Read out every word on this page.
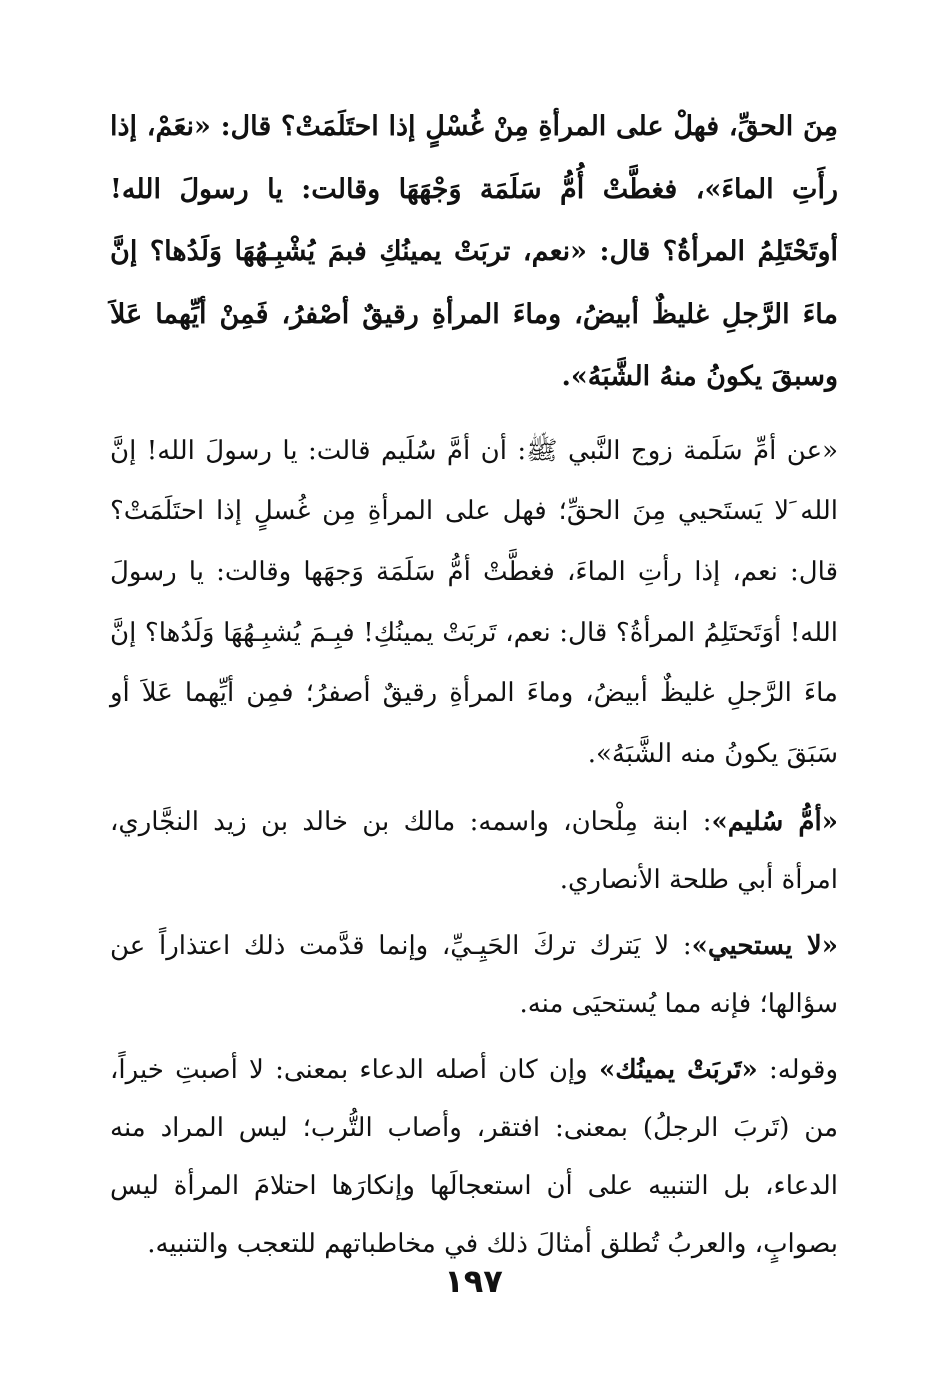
مِنَ الحقِّ، فهلْ على المرأةِ مِنْ غُسْلٍ إذا احتَلَمَتْ؟ قال: «نعَمْ، إذا رأَتِ الماءَ»، فغطَّتْ أُمُّ سَلَمَة وَجْهَهَا وقالت: يا رسولَ الله! أوتَحْتَلِمُ المرأةُ؟ قال: «نعم، تربَتْ يمينُكِ فبمَ يُشْبِـهُهَا وَلَدُها؟ إنَّ ماءَ الرَّجلِ غليظٌ أبيضُ، وماءَ المرأةِ رقيقٌ أصْفرُ، فَمِنْ أيِّهما عَلاَ وسبقَ يكونُ منهُ الشَّبَهُ».

«عن أمِّ سَلَمة زوج النَّبي ﷺ: أن أمَّ سُلَيم قالت: يا رسولَ الله! إنَّ الله َلا يَستَحيي مِنَ الحقِّ؛ فهل على المرأةِ مِن غُسلٍ إذا احتَلَمَتْ؟ قال: نعم، إذا رأتِ الماءَ، فغطَّتْ أمُّ سَلَمَة وَجهَها وقالت: يا رسولَ الله! أوَتَحتَلِمُ المرأةُ؟ قال: نعم، تَربَتْ يمينُكِ! فبِـمَ يُشبِـهُهَا وَلَدُها؟ إنَّ ماءَ الرَّجلِ غليظٌ أبيضُ، وماءَ المرأةِ رقيقٌ أصفرُ؛ فمِن أيِّهما عَلاَ أو سَبَقَ يكونُ منه الشَّبَهُ».

«أمُّ سُليم»: ابنة مِلْحان، واسمه: مالك بن خالد بن زيد النجَّاري، امرأة أبي طلحة الأنصاري.

«لا يستحيي»: لا يَترك تركَ الحَيِـيِّ، وإنما قدَّمت ذلك اعتذاراً عن سؤالها؛ فإنه مما يُستحيَى منه.

وقوله: «تَربَتْ يمينُك» وإن كان أصله الدعاء بمعنى: لا أصبتِ خيراً، من (تَربَ الرجلُ) بمعنى: افتقر، وأصاب التُّرب؛ ليس المراد منه الدعاء، بل التنبيه على أن استعجالَها وإنكارَها احتلامَ المرأة ليس بصوابٍ، والعربُ تُطلق أمثالَ ذلك في مخاطباتهم للتعجب والتنبيه.

١٩٧
